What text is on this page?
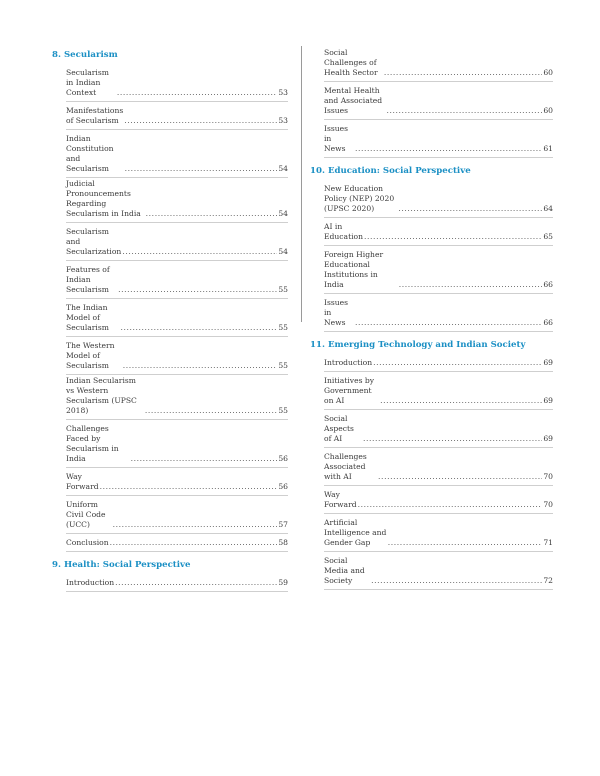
8. Secularism
Secularism in Indian Context .....	53
Manifestations of Secularism .....	53
Indian Constitution and Secularism .....	54
Judicial Pronouncements Regarding Secularism in India .....	54
Secularism and Secularization .....	54
Features of Indian Secularism .....	55
The Indian Model of Secularism .....	55
The Western Model of Secularism .....	55
Indian Secularism vs Western Secularism (UPSC 2018) .....	55
Challenges Faced by Secularism in India .....	56
Way Forward .....	56
Uniform Civil Code (UCC) .....	57
Conclusion .....	58
9. Health: Social Perspective
Introduction .....	59
Social Challenges of Health Sector .....	60
Mental Health and Associated Issues .....	60
Issues in News .....	61
10. Education: Social Perspective
New Education Policy (NEP) 2020 (UPSC 2020) .....	64
AI in Education .....	65
Foreign Higher Educational Institutions in India .....	66
Issues in News .....	66
11. Emerging Technology and Indian Society
Introduction .....	69
Initiatives by Government on AI .....	69
Social Aspects of AI .....	69
Challenges Associated with AI .....	70
Way Forward .....	70
Artificial Intelligence and Gender Gap .....	71
Social Media and Society .....	72
